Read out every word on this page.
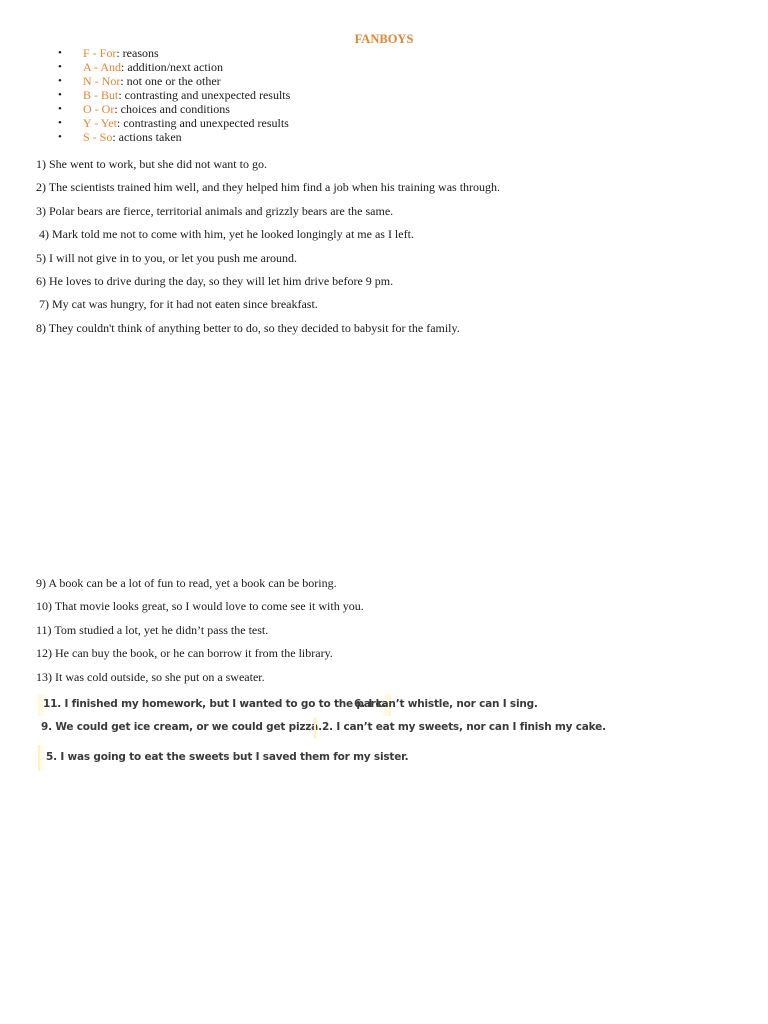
FANBOYS
• F - For: reasons
• A - And: addition/next action
• N - Nor: not one or the other
• B - But: contrasting and unexpected results
• O - Or: choices and conditions
• Y - Yet: contrasting and unexpected results
• S - So: actions taken
1) She went to work, but she did not want to go.
2) The scientists trained him well, and they helped him find a job when his training was through.
3) Polar bears are fierce, territorial animals and grizzly bears are the same.
4) Mark told me not to come with him, yet he looked longingly at me as I left.
5) I will not give in to you, or let you push me around.
6) He loves to drive during the day, so they will let him drive before 9 pm.
7) My cat was hungry, for it had not eaten since breakfast.
8) They couldn't think of anything better to do, so they decided to babysit for the family.
9) A book can be a lot of fun to read, yet a book can be boring.
10) That movie looks great, so I would love to come see it with you.
11) Tom studied a lot, yet he didn’t pass the test.
12) He can buy the book, or he can borrow it from the library.
13) It was cold outside, so she put on a sweater.
11. I finished my homework, but I wanted to go to the park.
6. I can’t whistle, nor can I sing.
9. We could get ice cream, or we could get pizza. 2. I can’t eat my sweets, nor can I finish my cake.
5. I was going to eat the sweets but I saved them for my sister.
